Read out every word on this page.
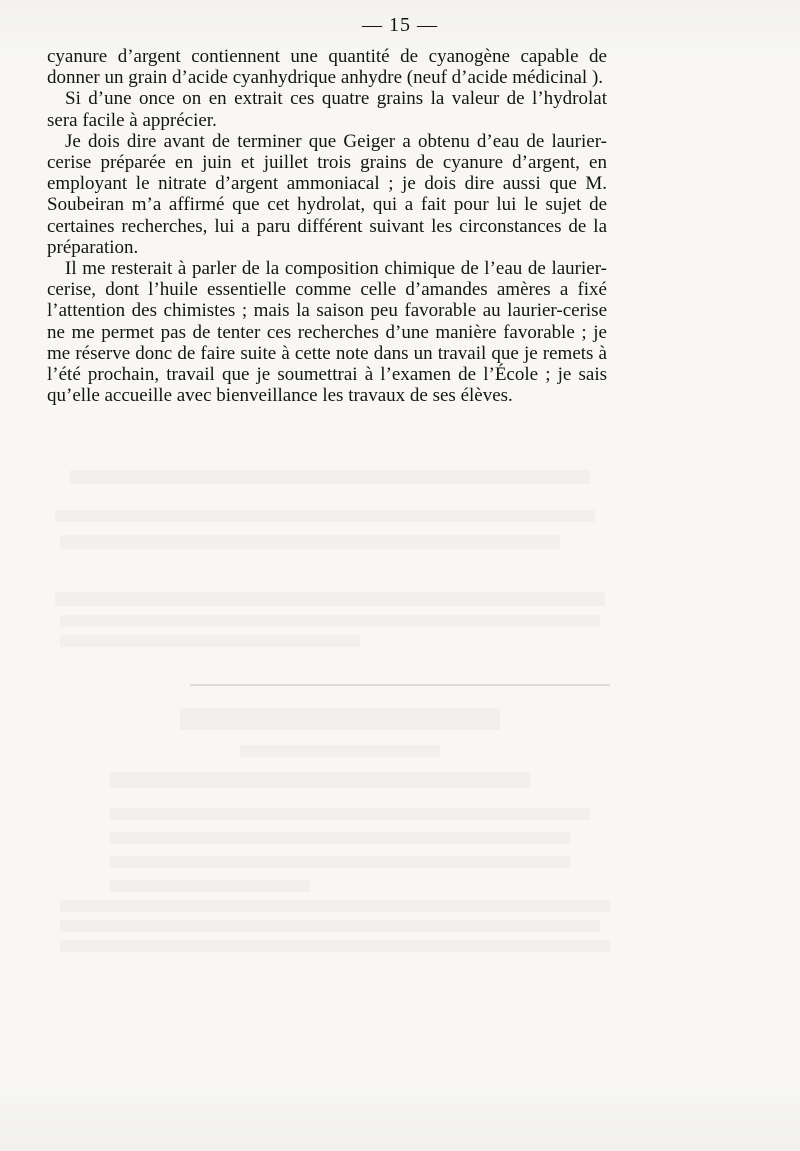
— 15 —

cyanure d’argent contiennent une quantité de cyanogène capable de donner un grain d’acide cyanhydrique anhydre (neuf d’acide médicinal ).

Si d’une once on en extrait ces quatre grains la valeur de l’hydrolat sera facile à apprécier.

Je dois dire avant de terminer que Geiger a obtenu d’eau de laurier-cerise préparée en juin et juillet trois grains de cyanure d’argent, en employant le nitrate d’argent ammoniacal ; je dois dire aussi que M. Soubeiran m’a affirmé que cet hydrolat, qui a fait pour lui le sujet de certaines recherches, lui a paru différent suivant les circonstances de la préparation.

Il me resterait à parler de la composition chimique de l’eau de laurier-cerise, dont l’huile essentielle comme celle d’amandes amères a fixé l’attention des chimistes ; mais la saison peu favorable au laurier-cerise ne me permet pas de tenter ces recherches d’une manière favorable ; je me réserve donc de faire suite à cette note dans un travail que je remets à l’été prochain, travail que je soumettrai à l’examen de l’École ; je sais qu’elle accueille avec bienveillance les travaux de ses élèves.
